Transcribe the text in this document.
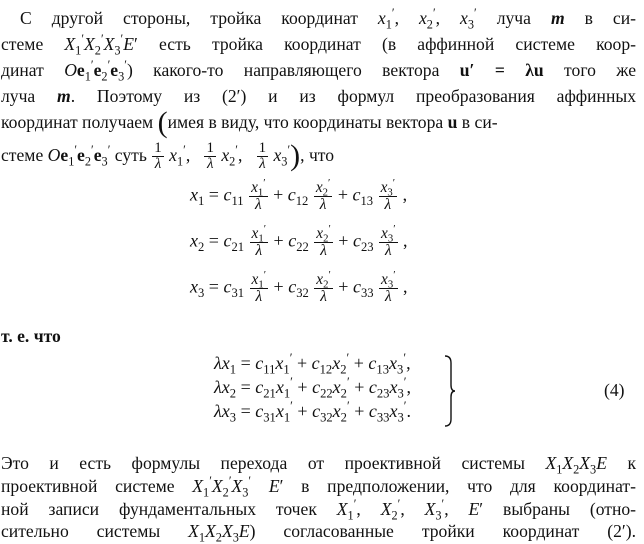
С другой стороны, тройка координат $x_1'$, $x_2'$, $x_3'$ луча m в си-
стеме $X_1'X_2'X_3'E'$ есть тройка координат (в аффинной системе коор-
динат $Oe_1'e_2'e_3'$) какого-то направляющего вектора u′ = λu того же
луча m. Поэтому из (2′) и из формул преобразования аффинных
координат получаем (имея в виду, что координаты вектора u в си-
стеме $Oe_1'e_2'e_3'$ суть $\frac{1}{\lambda} x_1'$, $\frac{1}{\lambda} x_2'$, $\frac{1}{\lambda} x_3'$), что
$x_1 = c_{11} \frac{x_1'}{\lambda} + c_{12} \frac{x_2'}{\lambda} + c_{13} \frac{x_3'}{\lambda}$ ,
$x_2 = c_{21} \frac{x_1'}{\lambda} + c_{22} \frac{x_2'}{\lambda} + c_{23} \frac{x_3'}{\lambda}$ ,
$x_3 = c_{31} \frac{x_1'}{\lambda} + c_{32} \frac{x_2'}{\lambda} + c_{33} \frac{x_3'}{\lambda}$ ,
т. е. что
$\lambda x_1 = c_{11}x_1' + c_{12}x_2' + c_{13}x_3'$,
$\lambda x_2 = c_{21}x_1' + c_{22}x_2' + c_{23}x_3'$,
$\lambda x_3 = c_{31}x_1' + c_{32}x_2' + c_{33}x_3'$.
(4)
Это и есть формулы перехода от проективной системы $X_1X_2X_3E$ к
проективной системе $X_1'X_2'X_3'$ E′ в предположении, что для координат-
ной записи фундаментальных точек $X_1'$, $X_2'$, $X_3'$, E′ выбраны (отно-
сительно системы $X_1X_2X_3E$) согласованные тройки координат (2′).
